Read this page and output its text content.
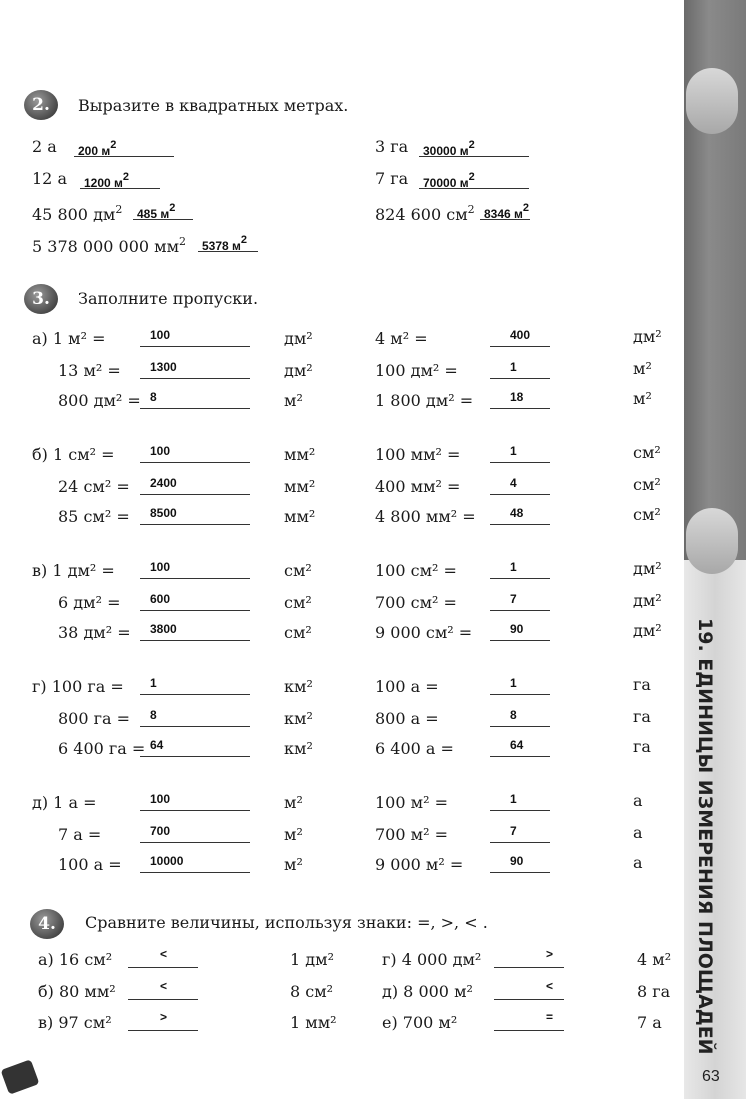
19. ЕДИНИЦЫ ИЗМЕРЕНИЯ ПЛОЩАДЕЙ
2.	Выразите в квадратных метрах.
3.	Заполните пропуски.
4.	Сравните величины, используя знаки: =, >, < .
63
2 а 200 м2	3 га 30000 м2
12 а 1200 м2	7 га 70000 м2
45 800 $дм^2$ 485 м2	824 600 $см^2$ 8346 м2
5 378 000 000 $мм^2$ 5378 м2
а) 1 м² =	100	дм²	4 м² =	400	дм²
13 м² = 1300	дм²	100 дм² =	1	м²
800 дм² = 8	м²	1 800 дм² =	18	м²
б) 1 см² =	100	мм²	100 мм² =	1	см²
24 см² = 2400	мм²	400 мм² =	4	см²
85 см² = 8500	мм²	4 800 мм² =	48	см²
в) 1 дм² =	100	см²	100 см² =	1	дм²
6 дм² = 600	см²	700 см² =	7	дм²
38 дм² = 3800	см²	9 000 см² =	90	дм²
г) 100 га = 1	км²	100 а =	1	га
800 га = 8	км²	800 а =	8	га
6 400 га = 64	км²	6 400 а =	64	га
д) 1 а =	100	м²	100 м² =	1	а
7 а =	700	м²	700 м² =	7	а
100 а = 10000	м²	9 000 м² =	90	а
а) 16 см²	<	1 дм²	г) 4 000 дм²	>	4 м²
б) 80 мм²	<	8 см²	д) 8 000 м²	<	8 га
в) 97 см²	>	1 мм²	е) 700 м²	=	7 а
